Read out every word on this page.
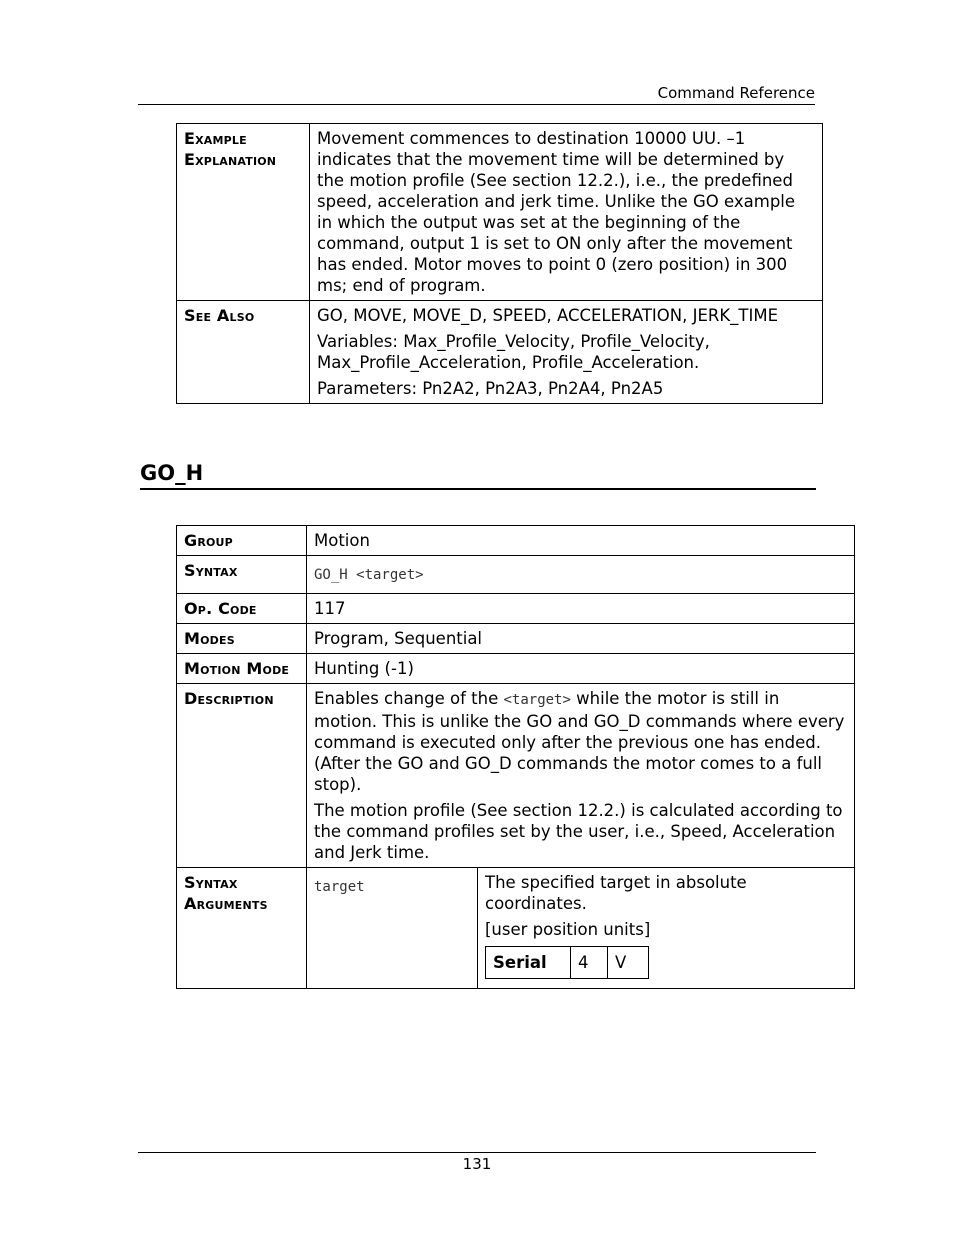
Command Reference
Example Explanation	Movement commences to destination 10000 UU. –1 indicates that the movement time will be determined by the motion profile (See section 12.2.), i.e., the predefined speed, acceleration and jerk time. Unlike the GO example in which the output was set at the beginning of the command, output 1 is set to ON only after the movement has ended. Motor moves to point 0 (zero position) in 300 ms; end of program.
See Also	GO, MOVE, MOVE_D, SPEED, ACCELERATION, JERK_TIME

Variables: Max_Profile_Velocity, Profile_Velocity, Max_Profile_Acceleration, Profile_Acceleration.

Parameters: Pn2A2, Pn2A3, Pn2A4, Pn2A5

GO_H
Group	Motion
Syntax	GO_H <target>
Op. Code	117
Modes	Program, Sequential
Motion Mode	Hunting (-1)
Description	Enables change of the <target> while the motor is still in motion. This is unlike the GO and GO_D commands where every command is executed only after the previous one has ended. (After the GO and GO_D commands the motor comes to a full stop).

The motion profile (See section 12.2.) is calculated according to the command profiles set by the user, i.e., Speed, Acceleration and Jerk time.

Syntax Arguments	target	The specified target in absolute coordinates.

[user position units]

Serial	4	V
131
